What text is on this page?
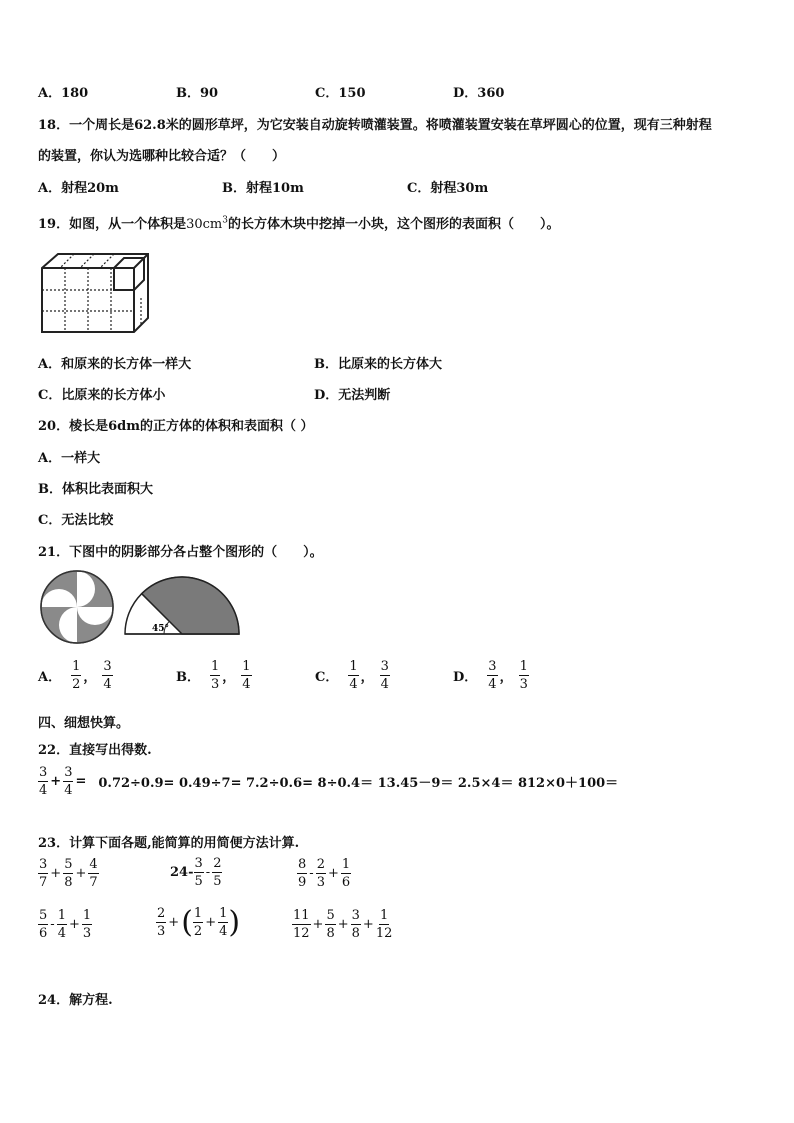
A．180	B．90	C．150	D．360
18．一个周长是62.8米的圆形草坪，为它安装自动旋转喷灌装置。将喷灌装置安装在草坪圆心的位置，现有三种射程
的装置，你认为选哪种比较合适？（　　）
A．射程20m	B．射程10m	C．射程30m
19．如图，从一个体积是$30cm^3$的长方体木块中挖掉一小块，这个图形的表面积（　　）。
A．和原来的长方体一样大	B．比原来的长方体大
C．比原来的长方体小	D．无法判断
20．棱长是6dm的正方体的体积和表面积（ ）
A．一样大
B．体积比表面积大
C．无法比较
21．下图中的阴影部分各占整个图形的（　　）。
45°
A． $\frac{1}{2}$ ， $\frac{3}{4}$	B． $\frac{1}{3}$ ， $\frac{1}{4}$	C． $\frac{1}{4}$ ， $\frac{3}{4}$	D． $\frac{3}{4}$ ， $\frac{1}{3}$
四、细想快算。
22．直接写出得数.
$\frac{3}{4} + \frac{3}{4} = 0.72\div 0.9= 0.49\div 7= 7.2\div 0.6= 8\div 0.4= 13.45-9= 2.5\times 4= 812\times 0+100=$
23．计算下面各题,能简算的用简便方法计算.
$\frac{3}{7} + \frac{5}{8} + \frac{4}{7}$	$24- \frac{3}{5} - \frac{2}{5}$	$\frac{8}{9} - \frac{2}{3} + \frac{1}{6}$
$\frac{5}{6} - \frac{1}{4} + \frac{1}{3}$	$\frac{2}{3}$ + ( $\frac{1}{2} + \frac{1}{4}$ )	$\frac{11}{12} + \frac{5}{8} + \frac{3}{8} + \frac{1}{12}$
24．解方程.
